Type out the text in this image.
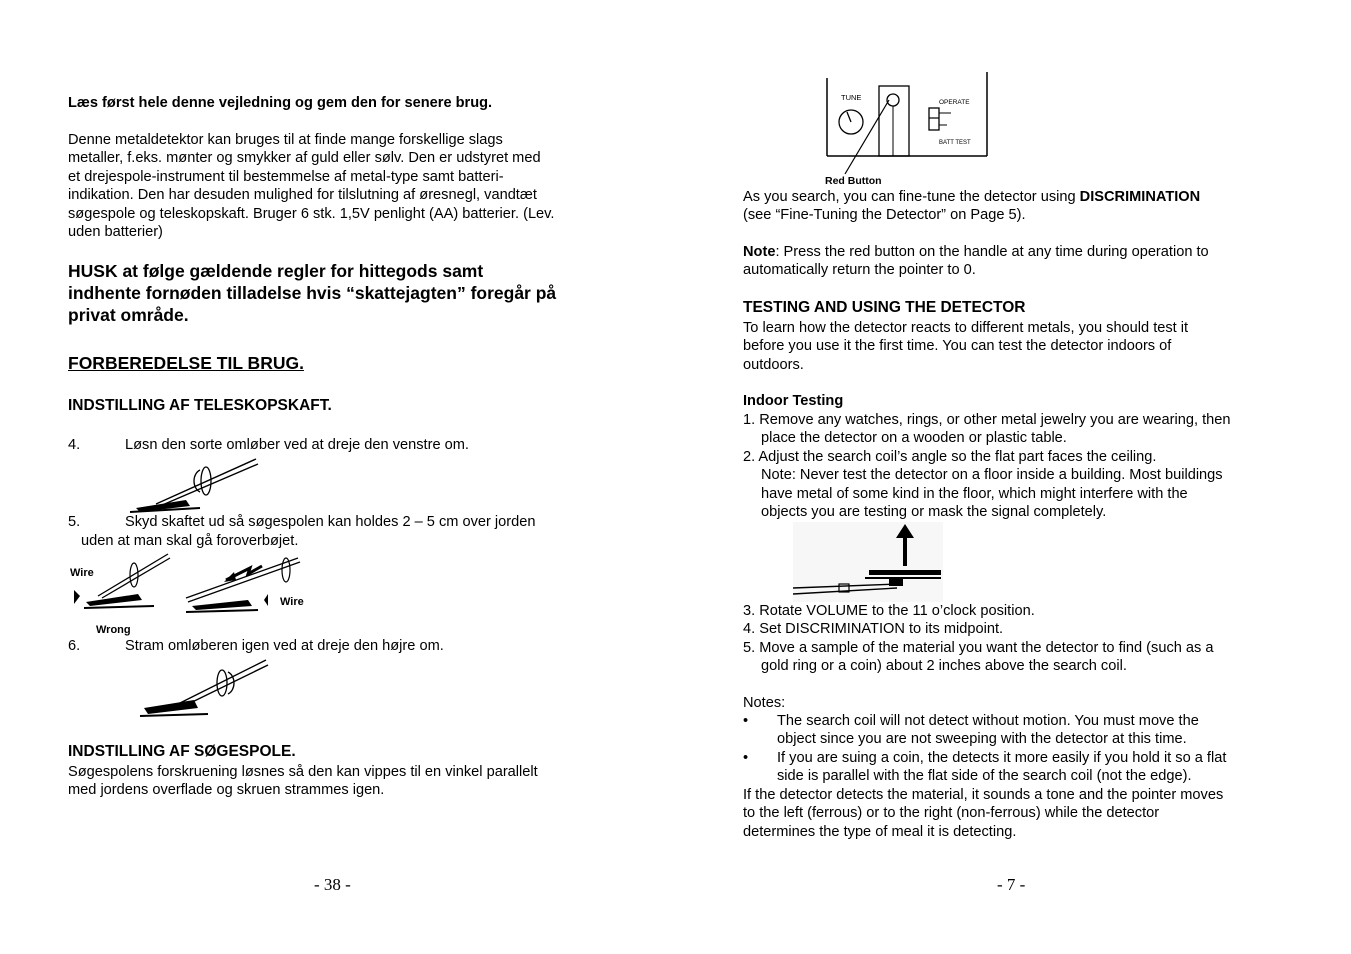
Læs først hele denne vejledning og gem den for senere brug.

Denne metaldetektor kan bruges til at finde mange forskellige slags
metaller, f.eks. mønter og smykker af guld eller sølv. Den er udstyret med
et drejespole-instrument til bestemmelse af metal-type samt batteri-
indikation. Den har desuden mulighed for tilslutning af øresnegl, vandtæt
søgespole og teleskopskaft. Bruger 6 stk. 1,5V penlight (AA) batterier. (Lev.
uden batterier)
HUSK at følge gældende regler for hittegods samt
indhente fornøden tilladelse hvis “skattejagten” foregår på
privat område.
FORBEREDELSE TIL BRUG.
INDSTILLING AF TELESKOPSKAFT.
4.	Løsn den sorte omløber ved at dreje den venstre om.
5.	Skyd skaftet ud så søgespolen kan holdes 2 – 5 cm over jorden
uden at man skal gå foroverbøjet.
Wire
Wire
Wrong
6.	Stram omløberen igen ved at dreje den højre om.
INDSTILLING AF SØGESPOLE.
Søgespolens forskruening løsnes så den kan vippes til en vinkel parallelt
med jordens overflade og skruen strammes igen.
- 38 -
TUNE
OPERATE
BATT TEST
Red Button
As you search, you can fine-tune the detector using DISCRIMINATION
(see “Fine-Tuning the Detector” on Page 5).
Note: Press the red button on the handle at any time during operation to
automatically return the pointer to 0.
TESTING AND USING THE DETECTOR
To learn how the detector reacts to different metals, you should test it
before you use it the first time. You can test the detector indoors of
outdoors.
Indoor Testing
1. Remove any watches, rings, or other metal jewelry you are wearing, then
place the detector on a wooden or plastic table.
2. Adjust the search coil’s angle so the flat part faces the ceiling.
Note: Never test the detector on a floor inside a building. Most buildings
have metal of some kind in the floor, which might interfere with the
objects you are testing or mask the signal completely.
3. Rotate VOLUME to the 11 o’clock position.
4. Set DISCRIMINATION to its midpoint.
5. Move a sample of the material you want the detector to find (such as a
gold ring or a coin) about 2 inches above the search coil.
Notes:
• The search coil will not detect without motion. You must move the
object since you are not sweeping with the detector at this time.
• If you are suing a coin, the detects it more easily if you hold it so a flat
side is parallel with the flat side of the search coil (not the edge).
If the detector detects the material, it sounds a tone and the pointer moves
to the left (ferrous) or to the right (non-ferrous) while the detector
determines the type of meal it is detecting.
- 7 -
